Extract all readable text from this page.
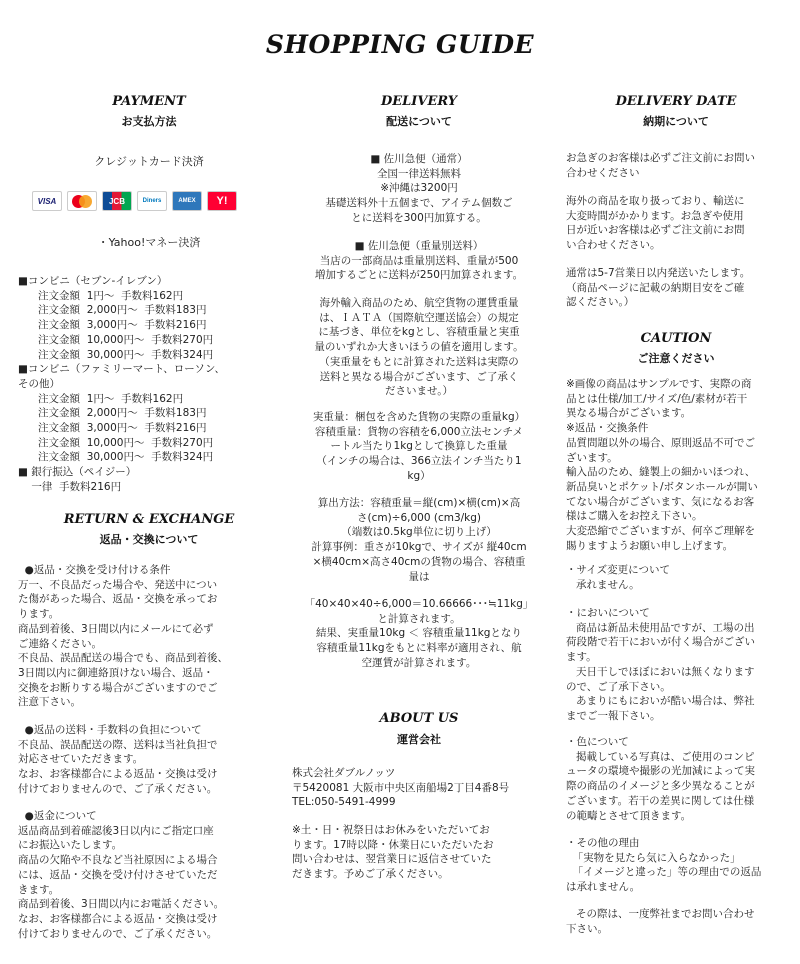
SHOPPING GUIDE
PAYMENT
お支払方法
クレジットカード決済
VISA	JCB	Diners	AMEX	Y!
・Yahoo!マネー決済
■コンビニ（セブン-イレブン）
注文金額  1円～  手数料162円
注文金額  2,000円～  手数料183円
注文金額  3,000円～  手数料216円
注文金額  10,000円～  手数料270円
注文金額  30,000円～  手数料324円
■コンビニ（ファミリーマート、ローソン、
その他）
注文金額  1円～  手数料162円
注文金額  2,000円～  手数料183円
注文金額  3,000円～  手数料216円
注文金額  10,000円～  手数料270円
注文金額  30,000円～  手数料324円
■ 銀行振込（ペイジー）
一律  手数料216円
RETURN & EXCHANGE
返品・交換について
●返品・交換を受け付ける条件
万一、不良品だった場合や、発送中につい
た傷があった場合、返品・交換を承ってお
ります。
商品到着後、3日間以内にメールにて必ず
ご連絡ください。
不良品、誤品配送の場合でも、商品到着後、
3日間以内に御連絡頂けない場合、返品・
交換をお断りする場合がございますのでご
注意下さい。
●返品の送料・手数料の負担について
不良品、誤品配送の際、送料は当社負担で
対応させていただきます。
なお、お客様都合による返品・交換は受け
付けておりませんので、ご了承ください。
●返金について
返品商品到着確認後3日以内にご指定口座
にお振込いたします。
商品の欠陥や不良など当社原因による場合
には、返品・交換を受け付けさせていただ
きます。
商品到着後、3日間以内にお電話ください。
なお、お客様都合による返品・交換は受け
付けておりませんので、ご了承ください。
DELIVERY
配送について
■ 佐川急便（通常）
全国一律送料無料
※沖縄は3200円
基礎送料外十五個まで、アイテム個数ご
とに送料を300円加算する。
■ 佐川急便（重量別送料）
当店の一部商品は重量別送料、重量が500
増加するごとに送料が250円加算されます。
海外輸入商品のため、航空貨物の運賃重量
は、ＩＡＴＡ（国際航空運送協会）の規定
に基づき、単位をkgとし、容積重量と実重
量のいずれか大きいほうの値を適用します。
（実重量をもとに計算された送料は実際の
送料と異なる場合がございます、ご了承く
ださいませ。）
実重量：梱包を含めた貨物の実際の重量kg）
容積重量：貨物の容積を6,000立法センチメ
ートル当たり1kgとして換算した重量
（インチの場合は、366立法インチ当たり1
kg）
算出方法：容積重量＝縦(cm)×横(cm)×高
さ(cm)÷6,000 (cm3/kg)
（端数は0.5kg単位に切り上げ）
計算事例：重さが10kgで、サイズが 縦40cm
×横40cm×高さ40cmの貨物の場合、容積重
量は
「40×40×40÷6,000＝10.66666･･･≒11kg」
と計算されます。
結果、実重量10kg ＜ 容積重量11kgとなり
容積重量11kgをもとに料率が適用され、航
空運賃が計算されます。
ABOUT US
運営会社
株式会社ダブルノッツ
〒5420081 大阪市中央区南船場2丁目4番8号
TEL:050-5491-4999
※土・日・祝祭日はお休みをいただいてお
ります。17時以降・休業日にいただいたお
問い合わせは、翌営業日に返信させていた
だきます。予めご了承ください。
DELIVERY DATE
納期について
お急ぎのお客様は必ずご注文前にお問い
合わせください
海外の商品を取り扱っており、輸送に
大変時間がかかります。お急ぎや使用
日が近いお客様は必ずご注文前にお問
い合わせください。
通常は5-7営業日以内発送いたします。
（商品ページに記載の納期目安をご確
認ください。）
CAUTION
ご注意ください
※画像の商品はサンプルです、実際の商
品とは仕様/加工/サイズ/色/素材が若干
異なる場合がございます。
※返品・交換条件
品質問題以外の場合、原則返品不可でご
ざいます。
輸入品のため、縫製上の細かいほつれ、
新品臭いとポケット/ボタンホールが開い
てない場合がございます、気になるお客
様はご購入をお控え下さい。
大変恐縮でございますが、何卒ご理解を
賜りますようお願い申し上げます。
・サイズ変更について
承れません。
・においについて
商品は新品未使用品ですが、工場の出
荷段階で若干においが付く場合がござい
ます。
天日干しでほぼにおいは無くなります
ので、ご了承下さい。
あまりにもにおいが酷い場合は、弊社
までご一報下さい。
・色について
掲載している写真は、ご使用のコンピ
ュータの環境や撮影の光加減によって実
際の商品のイメージと多少異なることが
ございます。若干の差異に関しては仕様
の範疇とさせて頂きます。
・その他の理由
「実物を見たら気に入らなかった」
「イメージと違った」等の理由での返品
は承れません。
その際は、一度弊社までお問い合わせ
下さい。
